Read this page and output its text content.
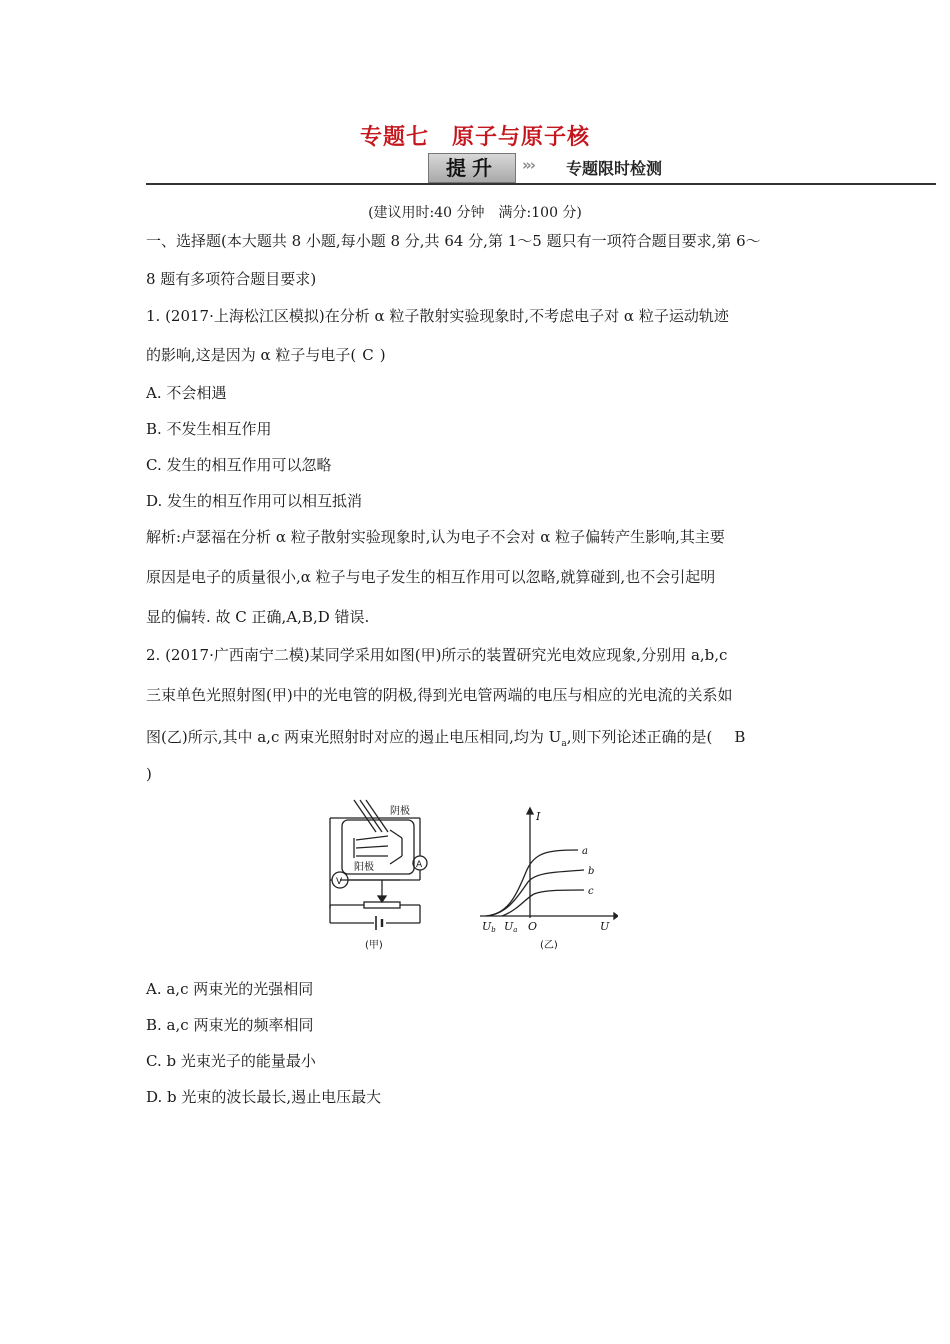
专题七　原子与原子核
提升	»› 专题限时检测
(建议用时:40 分钟　满分:100 分)
一、选择题(本大题共 8 小题,每小题 8 分,共 64 分,第 1～5 题只有一项符合题目要求,第 6～
8 题有多项符合题目要求)
1. (2017·上海松江区模拟)在分析 α 粒子散射实验现象时,不考虑电子对 α 粒子运动轨迹
的影响,这是因为 α 粒子与电子( C )
A. 不会相遇
B. 不发生相互作用
C. 发生的相互作用可以忽略
D. 发生的相互作用可以相互抵消
解析:卢瑟福在分析 α 粒子散射实验现象时,认为电子不会对 α 粒子偏转产生影响,其主要
原因是电子的质量很小,α 粒子与电子发生的相互作用可以忽略,就算碰到,也不会引起明
显的偏转. 故 C 正确,A,B,D 错误.
2. (2017·广西南宁二模)某同学采用如图(甲)所示的装置研究光电效应现象,分别用 a,b,c
三束单色光照射图(甲)中的光电管的阴极,得到光电管两端的电压与相应的光电流的关系如
图(乙)所示,其中 a,c 两束光照射时对应的遏止电压相同,均为 $U_a$,则下列论述正确的是( B
)
阴极
阳极	A
V
(甲)
I
U
O
Ub Ua
a
b
c
(乙)
A. a,c 两束光的光强相同
B. a,c 两束光的频率相同
C. b 光束光子的能量最小
D. b 光束的波长最长,遏止电压最大
